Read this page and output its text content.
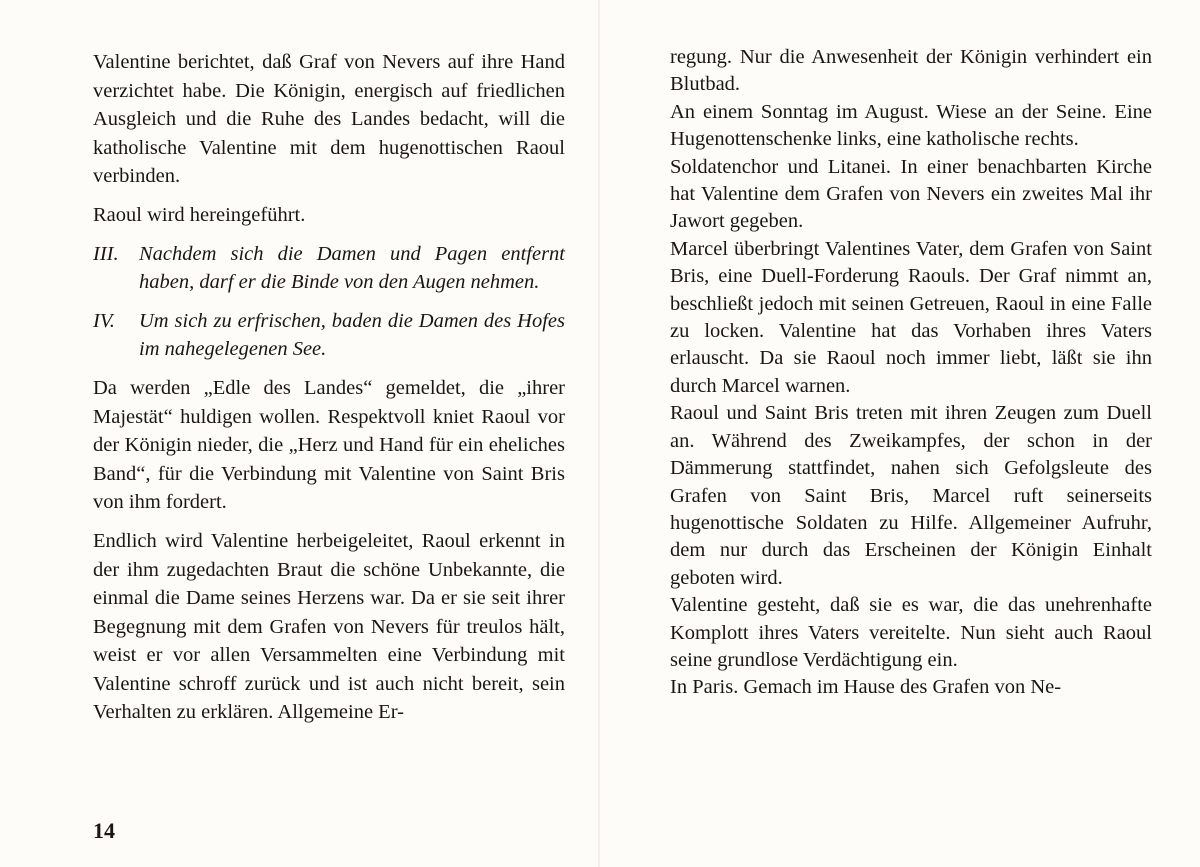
Valentine berichtet, daß Graf von Nevers auf ihre Hand verzichtet habe. Die Königin, energisch auf friedlichen Ausgleich und die Ruhe des Landes bedacht, will die katholische Valentine mit dem hugenottischen Raoul verbinden.

Raoul wird hereingeführt.

III. Nachdem sich die Damen und Pagen entfernt haben, darf er die Binde von den Augen nehmen.

IV.	Um sich zu erfrischen, baden die Damen des Hofes im nahegelegenen See.

Da werden „Edle des Landes“ gemeldet, die „ihrer Majestät“ huldigen wollen. Respektvoll kniet Raoul vor der Königin nieder, die „Herz und Hand für ein eheliches Band“, für die Verbindung mit Valentine von Saint Bris von ihm fordert.

Endlich wird Valentine herbeigeleitet, Raoul erkennt in der ihm zugedachten Braut die schöne Unbekannte, die einmal die Dame seines Herzens war. Da er sie seit ihrer Begegnung mit dem Grafen von Nevers für treulos hält, weist er vor allen Versammelten eine Verbindung mit Valentine schroff zurück und ist auch nicht bereit, sein Verhalten zu erklären. Allgemeine Er-

14

regung. Nur die Anwesenheit der Königin verhindert ein Blutbad.

An einem Sonntag im August. Wiese an der Seine. Eine Hugenottenschenke links, eine katholische rechts.

Soldatenchor und Litanei. In einer benachbarten Kirche hat Valentine dem Grafen von Nevers ein zweites Mal ihr Jawort gegeben.

Marcel überbringt Valentines Vater, dem Grafen von Saint Bris, eine Duell-Forderung Raouls. Der Graf nimmt an, beschließt jedoch mit seinen Getreuen, Raoul in eine Falle zu locken. Valentine hat das Vorhaben ihres Vaters erlauscht. Da sie Raoul noch immer liebt, läßt sie ihn durch Marcel warnen.

Raoul und Saint Bris treten mit ihren Zeugen zum Duell an. Während des Zweikampfes, der schon in der Dämmerung stattfindet, nahen sich Gefolgsleute des Grafen von Saint Bris, Marcel ruft seinerseits hugenottische Soldaten zu Hilfe. Allgemeiner Aufruhr, dem nur durch das Erscheinen der Königin Einhalt geboten wird.

Valentine gesteht, daß sie es war, die das unehrenhafte Komplott ihres Vaters vereitelte. Nun sieht auch Raoul seine grundlose Verdächtigung ein.

In Paris. Gemach im Hause des Grafen von Ne-
